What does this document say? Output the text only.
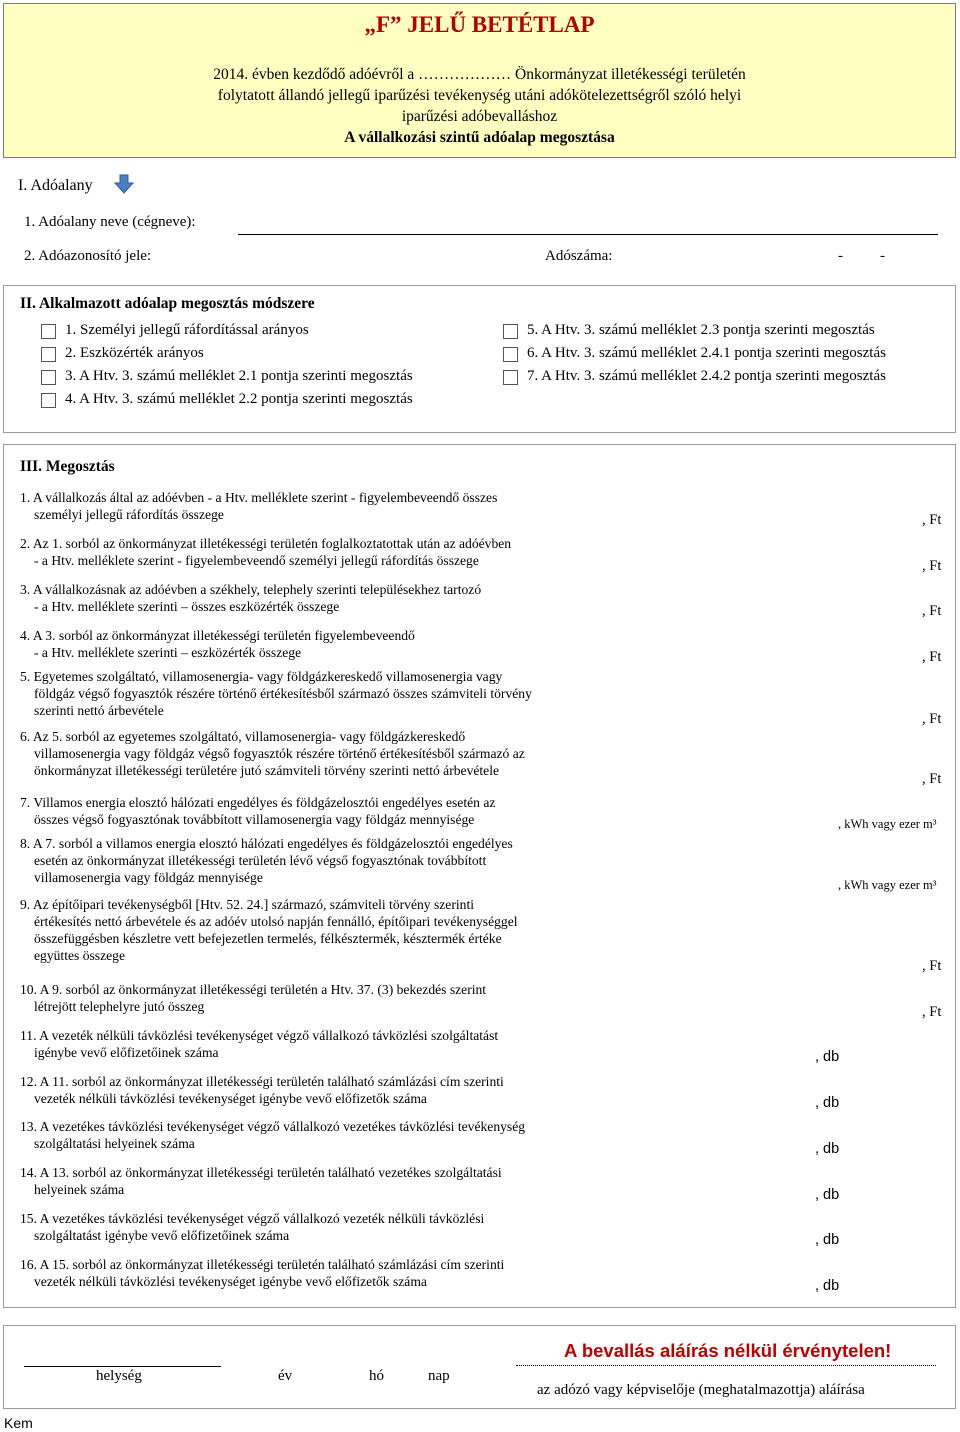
„F” JELŰ BETÉTLAP
2014. évben kezdődő adóévről a ……………… Önkormányzat illetékességi területén
folytatott állandó jellegű iparűzési tevékenység utáni adókötelezettségről szóló helyi
iparűzési adóbevalláshoz
A vállalkozási szintű adóalap megosztása
I. Adóalany
1. Adóalany neve (cégneve):
2. Adóazonosító jele:	Adószáma:	- -
II. Alkalmazott adóalap megosztás módszere
1. Személyi jellegű ráfordítással arányos
2. Eszközérték arányos
3. A Htv. 3. számú melléklet 2.1 pontja szerinti megosztás
4. A Htv. 3. számú melléklet 2.2 pontja szerinti megosztás
5. A Htv. 3. számú melléklet 2.3 pontja szerinti megosztás
6. A Htv. 3. számú melléklet 2.4.1 pontja szerinti megosztás
7. A Htv. 3. számú melléklet 2.4.2 pontja szerinti megosztás
III. Megosztás
1. A vállalkozás által az adóévben - a Htv. melléklete szerint - figyelembeveendő összes
személyi jellegű ráfordítás összege	, Ft
2. Az 1. sorból az önkormányzat illetékességi területén foglalkoztatottak után az adóévben
- a Htv. melléklete szerint - figyelembeveendő személyi jellegű ráfordítás összege	, Ft
3. A vállalkozásnak az adóévben a székhely, telephely szerinti településekhez tartozó
- a Htv. melléklete szerinti – összes eszközérték összege	, Ft
4. A 3. sorból az önkormányzat illetékességi területén figyelembeveendő
- a Htv. melléklete szerinti – eszközérték összege	, Ft
5. Egyetemes szolgáltató, villamosenergia- vagy földgázkereskedő villamosenergia vagy
földgáz végső fogyasztók részére történő értékesítésből származó összes számviteli törvény
szerinti nettó árbevétele
, Ft
6. Az 5. sorból az egyetemes szolgáltató, villamosenergia- vagy földgázkereskedő
villamosenergia vagy földgáz végső fogyasztók részére történő értékesítésből származó az
önkormányzat illetékességi területére jutó számviteli törvény szerinti nettó árbevétele
, Ft
7. Villamos energia elosztó hálózati engedélyes és földgázelosztói engedélyes esetén az
összes végső fogyasztónak továbbított villamosenergia vagy földgáz mennyisége	, kWh vagy ezer m³
8. A 7. sorból a villamos energia elosztó hálózati engedélyes és földgázelosztói engedélyes
esetén az önkormányzat illetékességi területén lévő végső fogyasztónak továbbított
villamosenergia vagy földgáz mennyisége	, kWh vagy ezer m³
9. Az építőipari tevékenységből [Htv. 52. 24.] származó, számviteli törvény szerinti
értékesítés nettó árbevétele és az adóév utolsó napján fennálló, építőipari tevékenységgel
összefüggésben készletre vett befejezetlen termelés, félkésztermék, késztermék értéke
együttes összege
, Ft
10. A 9. sorból az önkormányzat illetékességi területén a Htv. 37. (3) bekezdés szerint
létrejött telephelyre jutó összeg	, Ft
11. A vezeték nélküli távközlési tevékenységet végző vállalkozó távközlési szolgáltatást
igénybe vevő előfizetőinek száma	, db
12. A 11. sorból az önkormányzat illetékességi területén található számlázási cím szerinti
vezeték nélküli távközlési tevékenységet igénybe vevő előfizetők száma	, db
13. A vezetékes távközlési tevékenységet végző vállalkozó vezetékes távközlési tevékenység
szolgáltatási helyeinek száma	, db
14. A 13. sorból az önkormányzat illetékességi területén található vezetékes szolgáltatási
helyeinek száma	, db
15. A vezetékes távközlési tevékenységet végző vállalkozó vezeték nélküli távközlési
szolgáltatást igénybe vevő előfizetőinek száma	, db
16. A 15. sorból az önkormányzat illetékességi területén található számlázási cím szerinti
vezeték nélküli távközlési tevékenységet igénybe vevő előfizetők száma	, db
helység	év	hó	nap
A bevallás aláírás nélkül érvénytelen!
az adózó vagy képviselője (meghatalmazottja) aláírása
Kem
